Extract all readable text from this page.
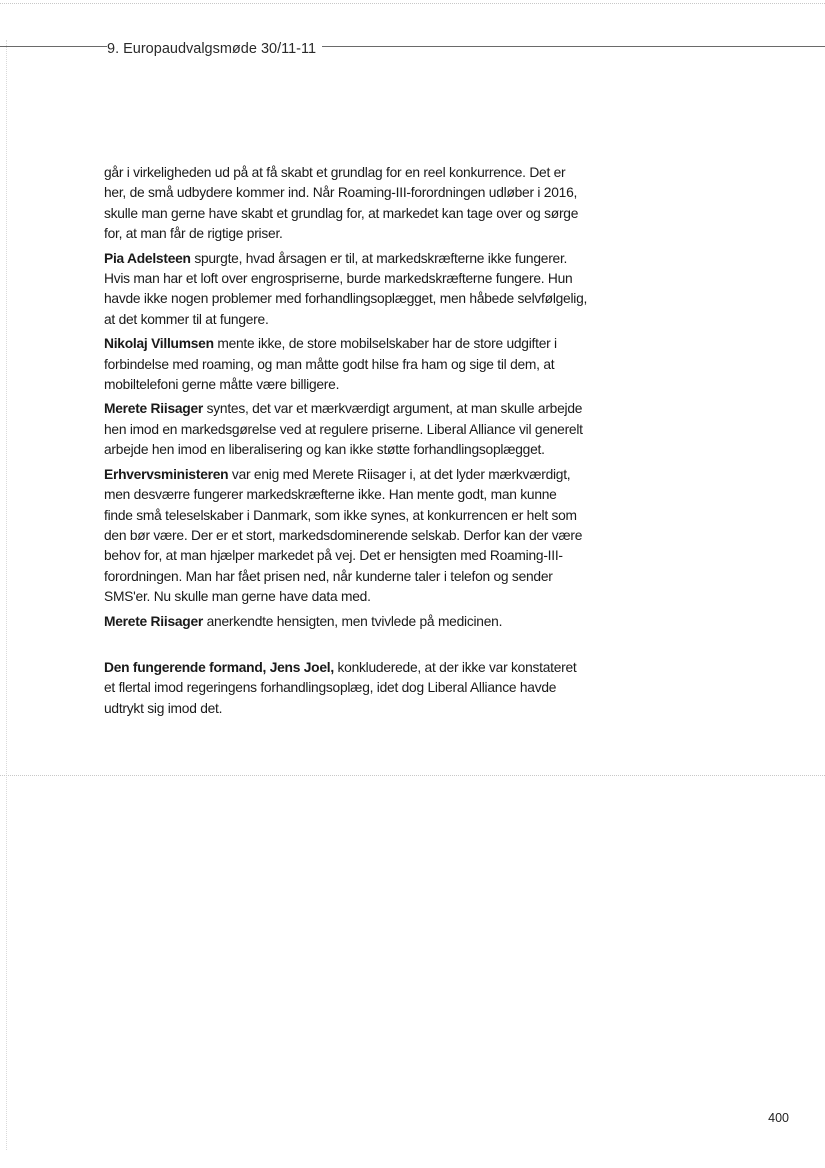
9. Europaudvalgsmøde 30/11-11

går i virkeligheden ud på at få skabt et grundlag for en reel konkurrence. Det er her, de små udbydere kommer ind. Når Roaming-III-forordningen udløber i 2016, skulle man gerne have skabt et grundlag for, at markedet kan tage over og sørge for, at man får de rigtige priser.

Pia Adelsteen spurgte, hvad årsagen er til, at markedskræfterne ikke fungerer. Hvis man har et loft over engrospriserne, burde markedskræfterne fungere. Hun havde ikke nogen problemer med forhandlingsoplægget, men håbede selvfølgelig, at det kommer til at fungere.

Nikolaj Villumsen mente ikke, de store mobilselskaber har de store udgifter i forbindelse med roaming, og man måtte godt hilse fra ham og sige til dem, at mobiltelefoni gerne måtte være billigere.

Merete Riisager syntes, det var et mærkværdigt argument, at man skulle arbejde hen imod en markedsgørelse ved at regulere priserne. Liberal Alliance vil generelt arbejde hen imod en liberalisering og kan ikke støtte forhandlingsoplægget.

Erhvervsministeren var enig med Merete Riisager i, at det lyder mærkværdigt, men desværre fungerer markedskræfterne ikke. Han mente godt, man kunne finde små teleselskaber i Danmark, som ikke synes, at konkurrencen er helt som den bør være. Der er et stort, markedsdominerende selskab. Derfor kan der være behov for, at man hjælper markedet på vej. Det er hensigten med Roaming-III-forordningen. Man har fået prisen ned, når kunderne taler i telefon og sender SMS'er. Nu skulle man gerne have data med.

Merete Riisager anerkendte hensigten, men tvivlede på medicinen.

Den fungerende formand, Jens Joel, konkluderede, at der ikke var konstateret et flertal imod regeringens forhandlingsoplæg, idet dog Liberal Alliance havde udtrykt sig imod det.

400
